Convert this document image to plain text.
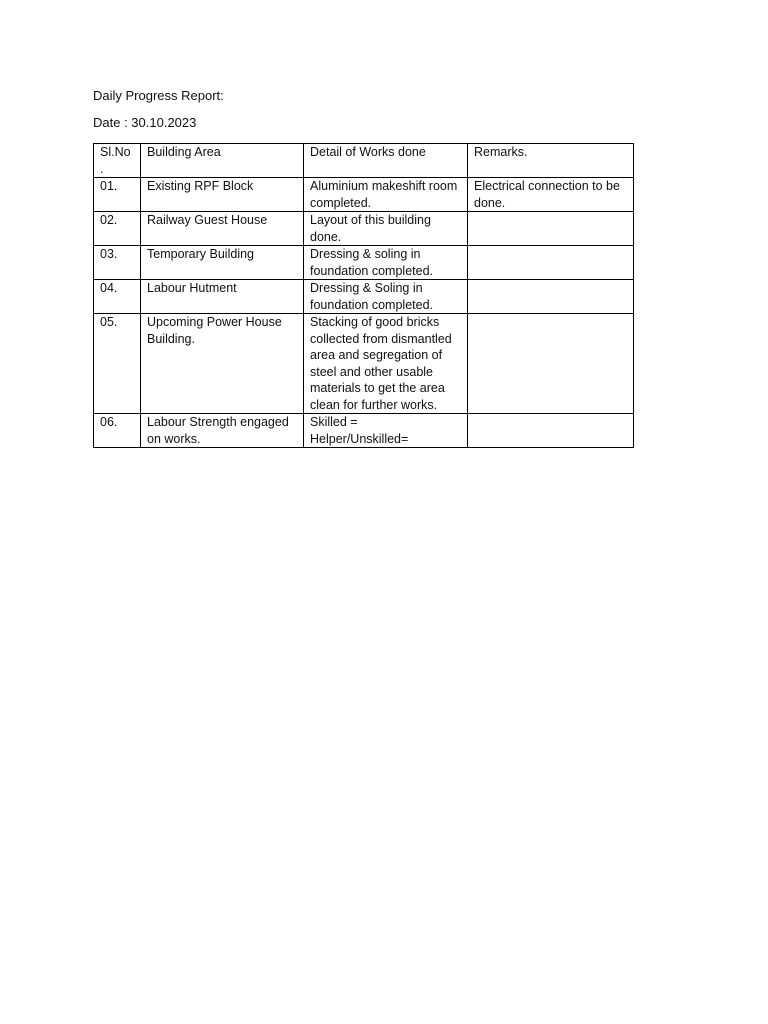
Daily Progress Report:
Date : 30.10.2023
Sl.No.	Building Area	Detail of Works done	Remarks.
01.	Existing RPF Block	Aluminium makeshift room completed.	Electrical connection to be done.
02.	Railway Guest House	Layout of this building done.	
03.	Temporary Building	Dressing & soling in foundation completed.	
04.	Labour Hutment	Dressing & Soling in foundation completed.	
05.	Upcoming Power House Building.	Stacking of good bricks collected from dismantled area and segregation of steel and other usable materials to get the area clean for further works.	
06.	Labour Strength engaged on works.	Skilled =
Helper/Unskilled=	
